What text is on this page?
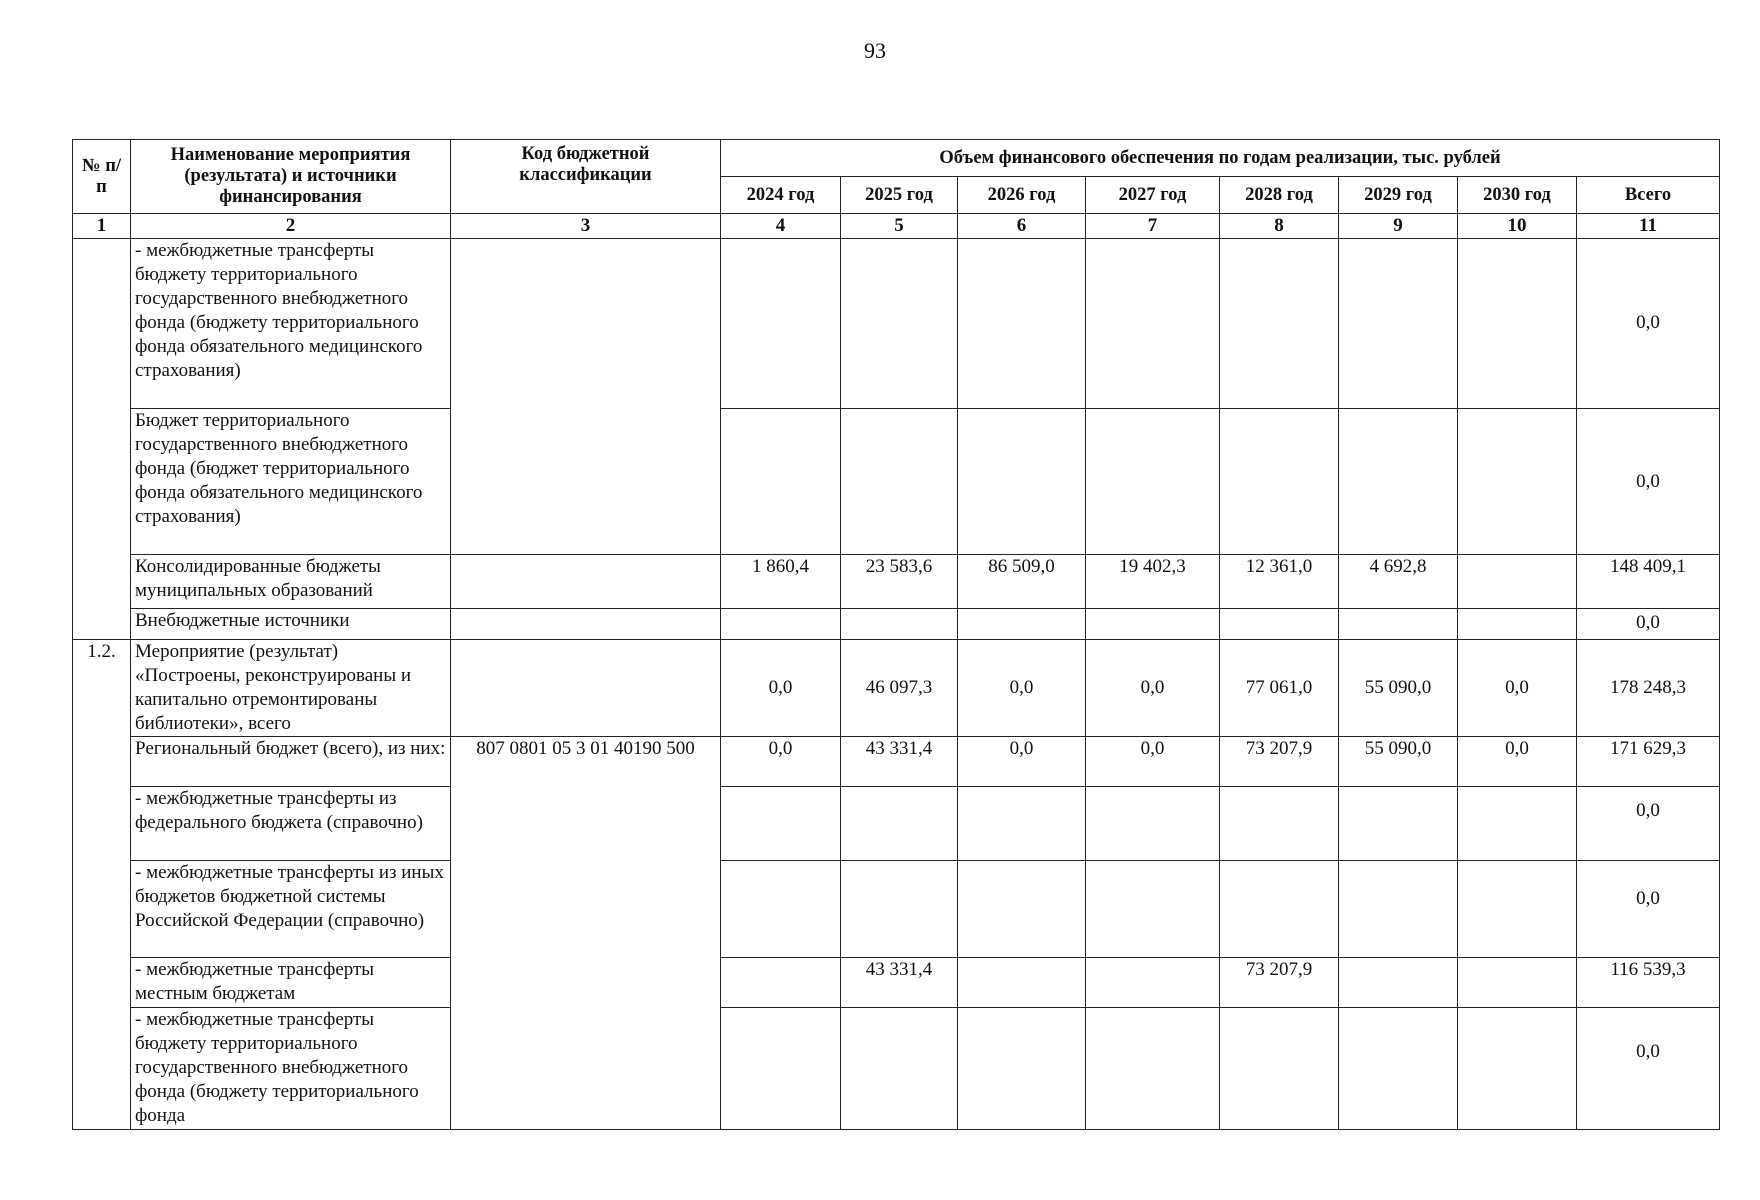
93
№ п/п	Наименование мероприятия (результата) и источники финансирования	Код бюджетной классификации	Объем финансового обеспечения по годам реализации, тыс. рублей							
			2024 год	2025 год	2026 год	2027 год	2028 год	2029 год	2030 год	Всего
1	2	3	4	5	6	7	8	9	10	11
	- межбюджетные трансферты бюджету территориального государственного внебюджетного фонда (бюджету территориального фонда обязательного медицинского страхования)									0,0
	Бюджет территориального государственного внебюджетного фонда (бюджет территориального фонда обязательного медицинского страхования)									0,0
	Консолидированные бюджеты муниципальных образований		1 860,4	23 583,6	86 509,0	19 402,3	12 361,0	4 692,8		148 409,1
	Внебюджетные источники									0,0
1.2.	Мероприятие (результат) «Построены, реконструированы и капитально отремонтированы библиотеки», всего		0,0	46 097,3	0,0	0,0	77 061,0	55 090,0	0,0	178 248,3
	Региональный бюджет (всего), из них:	807 0801 05 3 01 40190 500	0,0	43 331,4	0,0	0,0	73 207,9	55 090,0	0,0	171 629,3
	- межбюджетные трансферты из федерального бюджета (справочно)									0,0
	- межбюджетные трансферты из иных бюджетов бюджетной системы Российской Федерации (справочно)									0,0
	- межбюджетные трансферты местным бюджетам			43 331,4			73 207,9			116 539,3
	- межбюджетные трансферты бюджету территориального государственного внебюджетного фонда (бюджету территориального фонда									0,0
